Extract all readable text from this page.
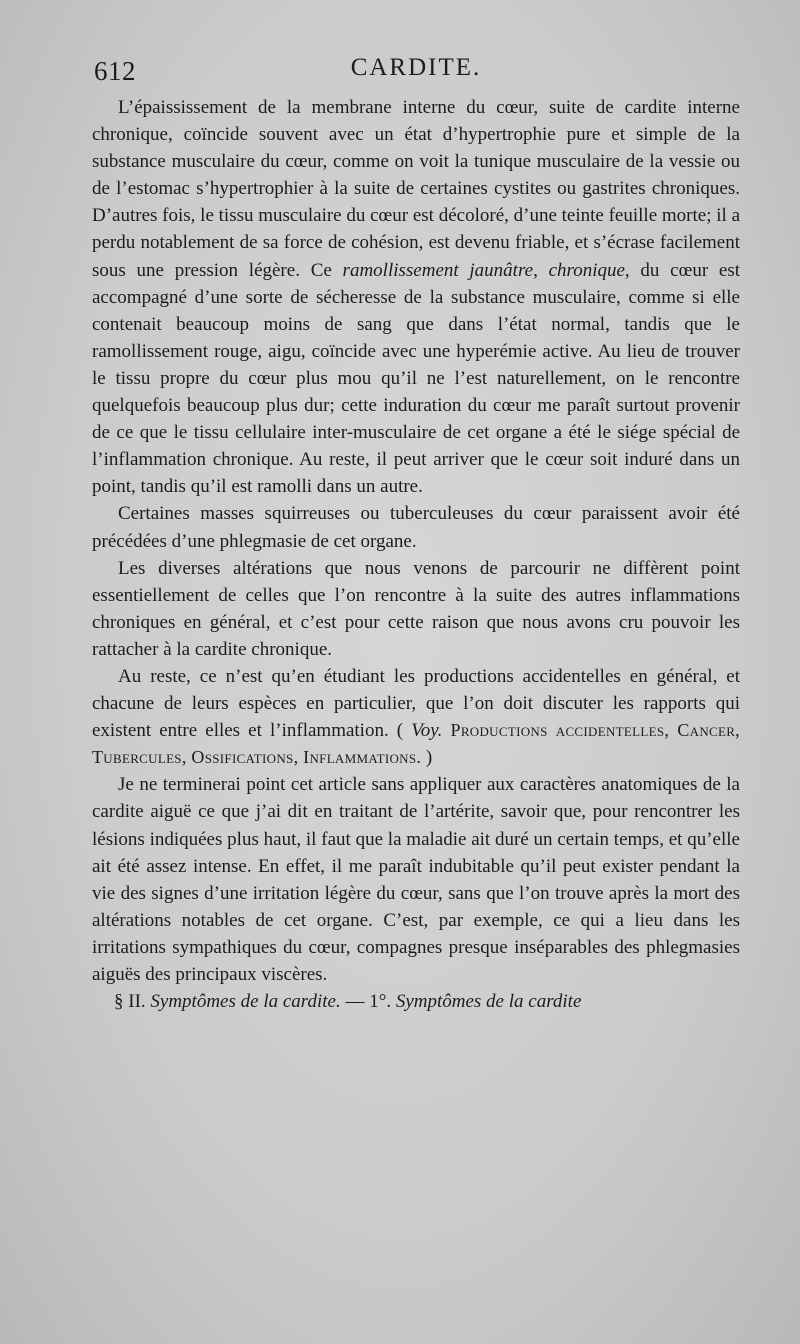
612	CARDITE.

L’épaississement de la membrane interne du cœur, suite de cardite interne chronique, coïncide souvent avec un état d’hypertrophie pure et simple de la substance musculaire du cœur, comme on voit la tunique musculaire de la vessie ou de l’estomac s’hypertrophier à la suite de certaines cystites ou gastrites chroniques. D’autres fois, le tissu musculaire du cœur est décoloré, d’une teinte feuille morte; il a perdu notablement de sa force de cohésion, est devenu friable, et s’écrase facilement sous une pression légère. Ce ramollissement jaunâtre, chronique, du cœur est accompagné d’une sorte de sécheresse de la substance musculaire, comme si elle contenait beaucoup moins de sang que dans l’état normal, tandis que le ramollissement rouge, aigu, coïncide avec une hyperémie active. Au lieu de trouver le tissu propre du cœur plus mou qu’il ne l’est naturellement, on le rencontre quelquefois beaucoup plus dur; cette induration du cœur me paraît surtout provenir de ce que le tissu cellulaire inter-musculaire de cet organe a été le siége spécial de l’inflammation chronique. Au reste, il peut arriver que le cœur soit induré dans un point, tandis qu’il est ramolli dans un autre.

Certaines masses squirreuses ou tuberculeuses du cœur paraissent avoir été précédées d’une phlegmasie de cet organe.

Les diverses altérations que nous venons de parcourir ne diffèrent point essentiellement de celles que l’on rencontre à la suite des autres inflammations chroniques en général, et c’est pour cette raison que nous avons cru pouvoir les rattacher à la cardite chronique.

Au reste, ce n’est qu’en étudiant les productions accidentelles en général, et chacune de leurs espèces en particulier, que l’on doit discuter les rapports qui existent entre elles et l’inflammation. ( Voy. Productions accidentelles, Cancer, Tubercules, Ossifications, Inflammations. )

Je ne terminerai point cet article sans appliquer aux caractères anatomiques de la cardite aiguë ce que j’ai dit en traitant de l’artérite, savoir que, pour rencontrer les lésions indiquées plus haut, il faut que la maladie ait duré un certain temps, et qu’elle ait été assez intense. En effet, il me paraît indubitable qu’il peut exister pendant la vie des signes d’une irritation légère du cœur, sans que l’on trouve après la mort des altérations notables de cet organe. C’est, par exemple, ce qui a lieu dans les irritations sympathiques du cœur, compagnes presque inséparables des phlegmasies aiguës des principaux viscères.

§ II. Symptômes de la cardite. — 1°. Symptômes de la cardite
